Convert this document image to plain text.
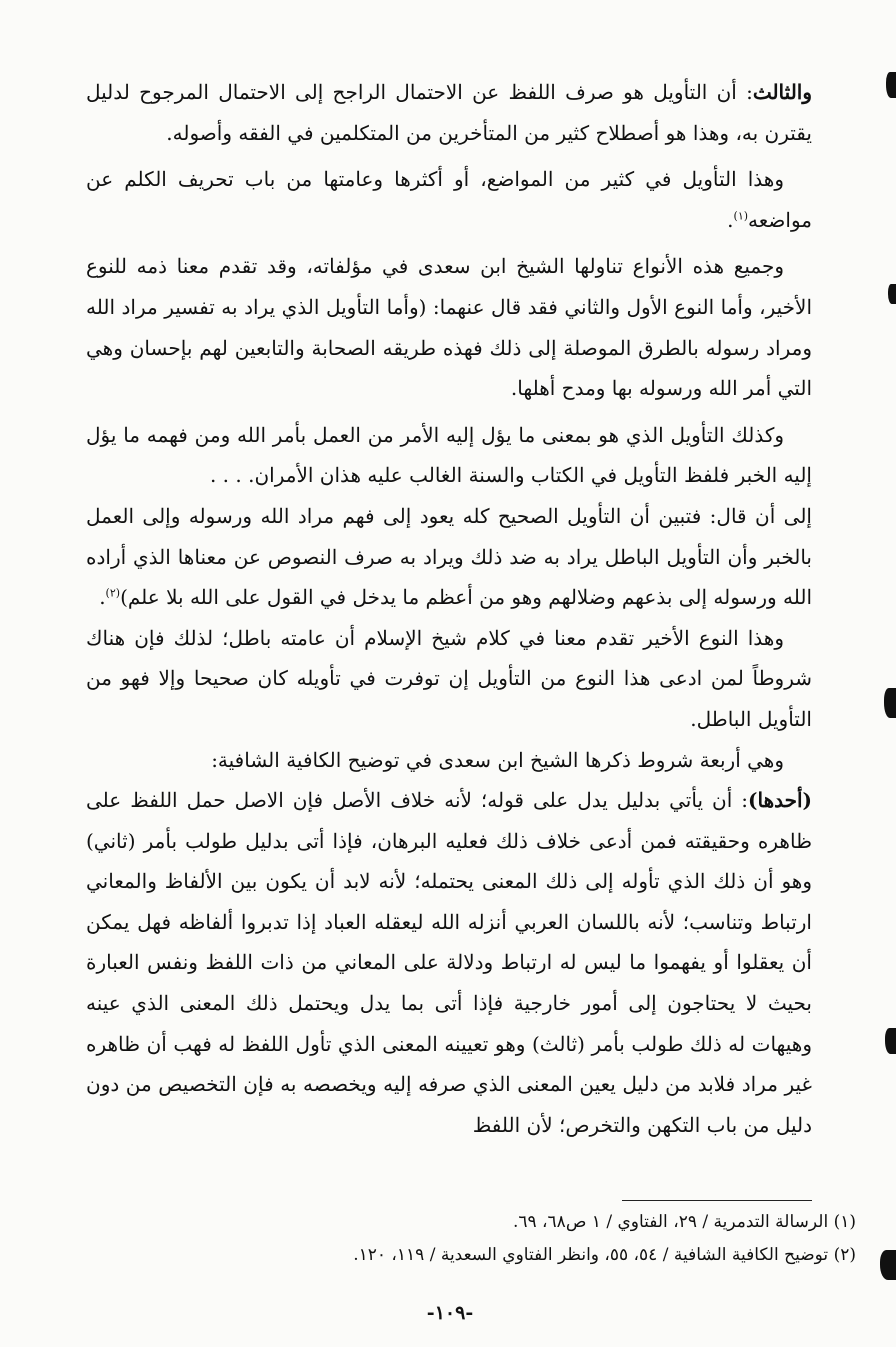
والثالث: أن التأويل هو صرف اللفظ عن الاحتمال الراجح إلى الاحتمال المرجوح لدليل يقترن به، وهذا هو أصطلاح كثير من المتأخرين من المتكلمين في الفقه وأصوله.

وهذا التأويل في كثير من المواضع، أو أكثرها وعامتها من باب تحريف الكلم عن مواضعه$^{(١)}$.

وجميع هذه الأنواع تناولها الشيخ ابن سعدى في مؤلفاته، وقد تقدم معنا ذمه للنوع الأخير، وأما النوع الأول والثاني فقد قال عنهما: (وأما التأويل الذي يراد به تفسير مراد الله ومراد رسوله بالطرق الموصلة إلى ذلك فهذه طريقه الصحابة والتابعين لهم بإحسان وهي التي أمر الله ورسوله بها ومدح أهلها.

وكذلك التأويل الذي هو بمعنى ما يؤل إليه الأمر من العمل بأمر الله ومن فهمه ما يؤل إليه الخبر فلفظ التأويل في الكتاب والسنة الغالب عليه هذان الأمران. . . .

إلى أن قال: فتبين أن التأويل الصحيح كله يعود إلى فهم مراد الله ورسوله وإلى العمل بالخبر وأن التأويل الباطل يراد به ضد ذلك ويراد به صرف النصوص عن معناها الذي أراده الله ورسوله إلى بذعهم وضلالهم وهو من أعظم ما يدخل في القول على الله بلا علم)$^{(٢)}$.

وهذا النوع الأخير تقدم معنا في كلام شيخ الإسلام أن عامته باطل؛ لذلك فإن هناك شروطاً لمن ادعى هذا النوع من التأويل إن توفرت في تأويله كان صحيحا وإلا فهو من التأويل الباطل.

وهي أربعة شروط ذكرها الشيخ ابن سعدى في توضيح الكافية الشافية:

(أحدها): أن يأتي بدليل يدل على قوله؛ لأنه خلاف الأصل فإن الاصل حمل اللفظ على ظاهره وحقيقته فمن أدعى خلاف ذلك فعليه البرهان، فإذا أتى بدليل طولب بأمر (ثاني) وهو أن ذلك الذي تأوله إلى ذلك المعنى يحتمله؛ لأنه لابد أن يكون بين الألفاظ والمعاني ارتباط وتناسب؛ لأنه باللسان العربي أنزله الله ليعقله العباد إذا تدبروا ألفاظه فهل يمكن أن يعقلوا أو يفهموا ما ليس له ارتباط ودلالة على المعاني من ذات اللفظ ونفس العبارة بحيث لا يحتاجون إلى أمور خارجية فإذا أتى بما يدل ويحتمل ذلك المعنى الذي عينه وهيهات له ذلك طولب بأمر (ثالث) وهو تعيينه المعنى الذي تأول اللفظ له فهب أن ظاهره غير مراد فلابد من دليل يعين المعنى الذي صرفه إليه ويخصصه به فإن التخصيص من دون دليل من باب التكهن والتخرص؛ لأن اللفظ

(١) الرسالة التدمرية / ٢٩، الفتاوي / ١ ص٦٨، ٦٩.

(٢) توضيح الكافية الشافية / ٥٤، ٥٥، وانظر الفتاوي السعدية / ١١٩، ١٢٠.

-١٠٩-
